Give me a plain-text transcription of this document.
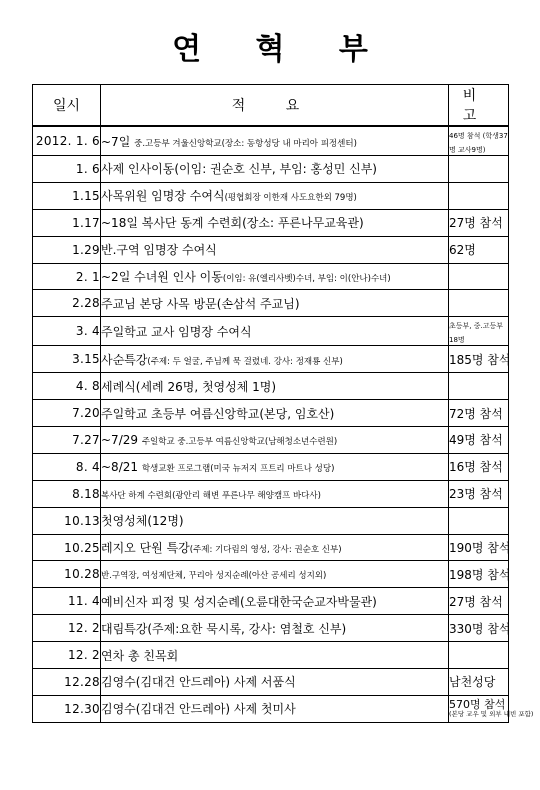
연 혁 부
일시	적 요	비 고
2012. 1. 6	~7일 중.고등부 겨울신앙학교(장소: 동항성당 내 마리아 피정센터)	46명 참석 (학생37명 교사9명)
1. 6	사제 인사이동(이임: 권순호 신부, 부임: 홍성민 신부)	
1.15	사목위원 임명장 수여식(평협회장 이한재 사도요한외 79명)	
1.17	~18일 복사단 동계 수련회(장소: 푸른나무교육관)	27명 참석
1.29	반.구역 임명장 수여식	62명
2. 1	~2일 수녀원 인사 이동(이임: 유(엘리사벳)수녀, 부임: 이(안나)수녀)	
2.28	주교님 본당 사목 방문(손삼석 주교님)	
3. 4	주일학교 교사 임명장 수여식	초등부, 중.고등부 18명
3.15	사순특강(주제: 두 얼굴, 주님께 묵 걸렸네. 강사: 정재룡 신부)	185명 참석
4. 8	세례식(세례 26명, 첫영성체 1명)	
7.20	주일학교 초등부 여름신앙학교(본당, 임호산)	72명 참석
7.27	~7/29 주일학교 중.고등부 여름신앙학교(남해청소년수련원)	49명 참석
8. 4	~8/21 학생교환 프로그램(미국 뉴저지 프트리 마트나 성당)	16명 참석
8.18	복사단 하계 수련회(광안리 해변 푸른나무 해양캠프 바다사)	23명 참석
10.13	첫영성체(12명)	
10.25	레지오 단원 특강(주제: 기다림의 영성, 강사: 권순호 신부)	190명 참석
10.28	반.구역장, 여성제단체, 꾸리아 성지순례(아산 공세리 성지외)	198명 참석
11. 4	예비신자 피정 및 성지순례(오륜대한국순교자박물관)	27명 참석
12. 2	대림특강(주제:요한 묵시록, 강사: 염철호 신부)	330명 참석
12. 2	연차 총 친목회	
12.28	김영수(김대건 안드레아) 사제 서품식	남천성당
12.30	김영수(김대건 안드레아) 사제 첫미사	570명 참석
(본당 교우 및 외부 내빈 포함)
